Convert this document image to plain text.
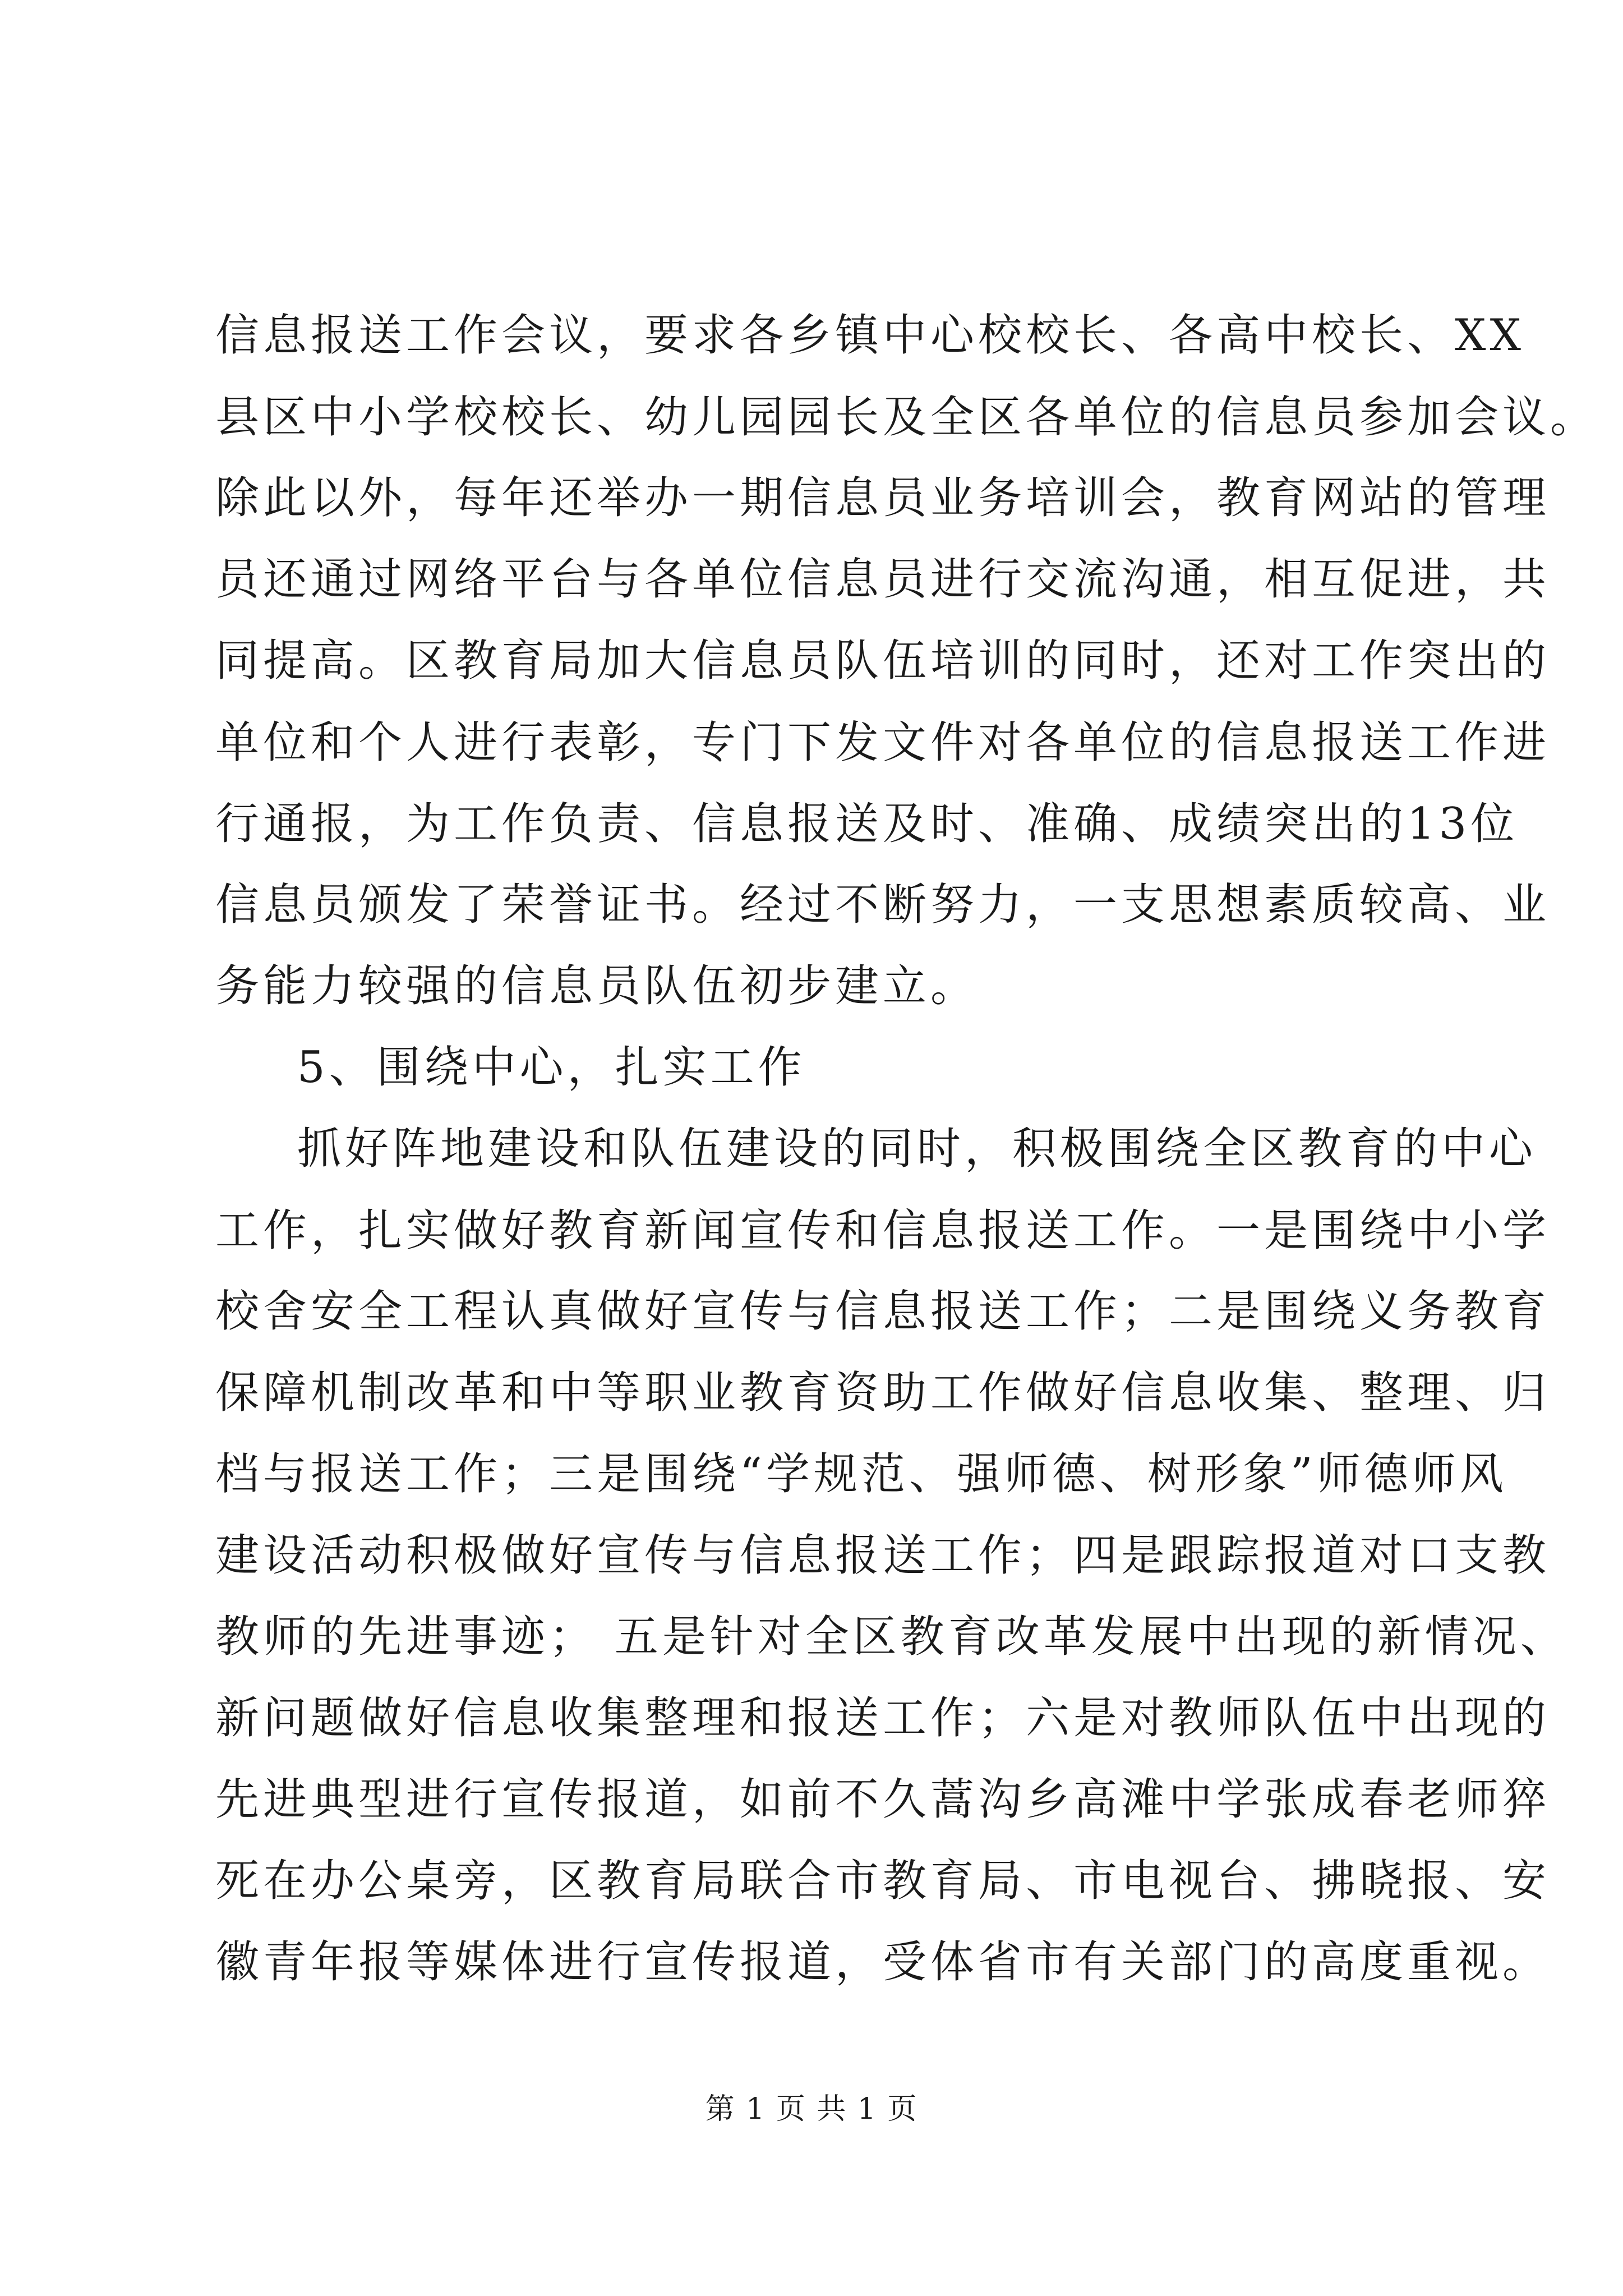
信息报送工作会议，要求各乡镇中心校校长、各高中校长、XX
县区中小学校校长、幼儿园园长及全区各单位的信息员参加会议。
除此以外，每年还举办一期信息员业务培训会，教育网站的管理
员还通过网络平台与各单位信息员进行交流沟通，相互促进，共
同提高。区教育局加大信息员队伍培训的同时，还对工作突出的
单位和个人进行表彰，专门下发文件对各单位的信息报送工作进
行通报，为工作负责、信息报送及时、准确、成绩突出的13位
信息员颁发了荣誉证书。经过不断努力，一支思想素质较高、业
务能力较强的信息员队伍初步建立。
5、围绕中心，扎实工作
抓好阵地建设和队伍建设的同时，积极围绕全区教育的中心
工作，扎实做好教育新闻宣传和信息报送工作。一是围绕中小学
校舍安全工程认真做好宣传与信息报送工作；二是围绕义务教育
保障机制改革和中等职业教育资助工作做好信息收集、整理、归
档与报送工作；三是围绕“学规范、强师德、树形象”师德师风
建设活动积极做好宣传与信息报送工作；四是跟踪报道对口支教
教师的先进事迹； 五是针对全区教育改革发展中出现的新情况、
新问题做好信息收集整理和报送工作；六是对教师队伍中出现的
先进典型进行宣传报道，如前不久蒿沟乡高滩中学张成春老师猝
死在办公桌旁，区教育局联合市教育局、市电视台、拂晓报、安
徽青年报等媒体进行宣传报道，受体省市有关部门的高度重视。
第 1 页 共 1 页
